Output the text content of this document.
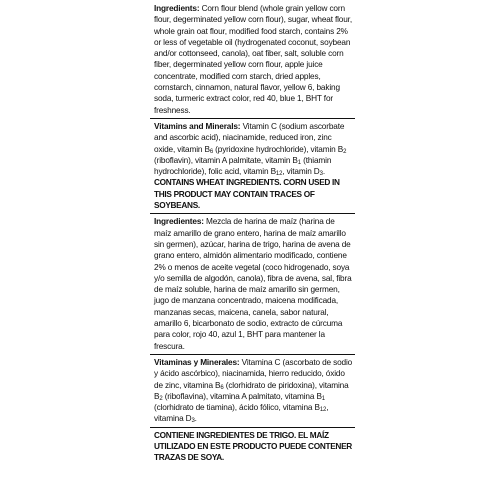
Ingredients: Corn flour blend (whole grain yellow corn flour, degerminated yellow corn flour), sugar, wheat flour, whole grain oat flour, modified food starch, contains 2% or less of vegetable oil (hydrogenated coconut, soybean and/or cottonseed, canola), oat fiber, salt, soluble corn fiber, degerminated yellow corn flour, apple juice concentrate, modified corn starch, dried apples, cornstarch, cinnamon, natural flavor, yellow 6, baking soda, turmeric extract color, red 40, blue 1, BHT for freshness.

Vitamins and Minerals: Vitamin C (sodium ascorbate and ascorbic acid), niacinamide, reduced iron, zinc oxide, vitamin $B_6$ (pyridoxine hydrochloride), vitamin $B_2$ (riboflavin), vitamin A palmitate, vitamin $B_1$ (thiamin hydrochloride), folic acid, vitamin $B_{12}$, vitamin $D_3$.

CONTAINS WHEAT INGREDIENTS. CORN USED IN THIS PRODUCT MAY CONTAIN TRACES OF SOYBEANS.

Ingredientes: Mezcla de harina de maíz (harina de maíz amarillo de grano entero, harina de maíz amarillo sin germen), azúcar, harina de trigo, harina de avena de grano entero, almidón alimentario modificado, contiene 2% o menos de aceite vegetal (coco hidrogenado, soya y/o semilla de algodón, canola), fibra de avena, sal, fibra de maíz soluble, harina de maíz amarillo sin germen, jugo de manzana concentrado, maicena modificada, manzanas secas, maicena, canela, sabor natural, amarillo 6, bicarbonato de sodio, extracto de cúrcuma para color, rojo 40, azul 1, BHT para mantener la frescura.

Vitaminas y Minerales: Vitamina C (ascorbato de sodio y ácido ascórbico), niacinamida, hierro reducido, óxido de zinc, vitamina $B_6$ (clorhidrato de piridoxina), vitamina $B_2$ (riboflavina), vitamina A palmitato, vitamina $B_1$ (clorhidrato de tiamina), ácido fólico, vitamina $B_{12}$, vitamina $D_3$.

CONTIENE INGREDIENTES DE TRIGO. EL MAÍZ UTILIZADO EN ESTE PRODUCTO PUEDE CONTENER TRAZAS DE SOYA.
